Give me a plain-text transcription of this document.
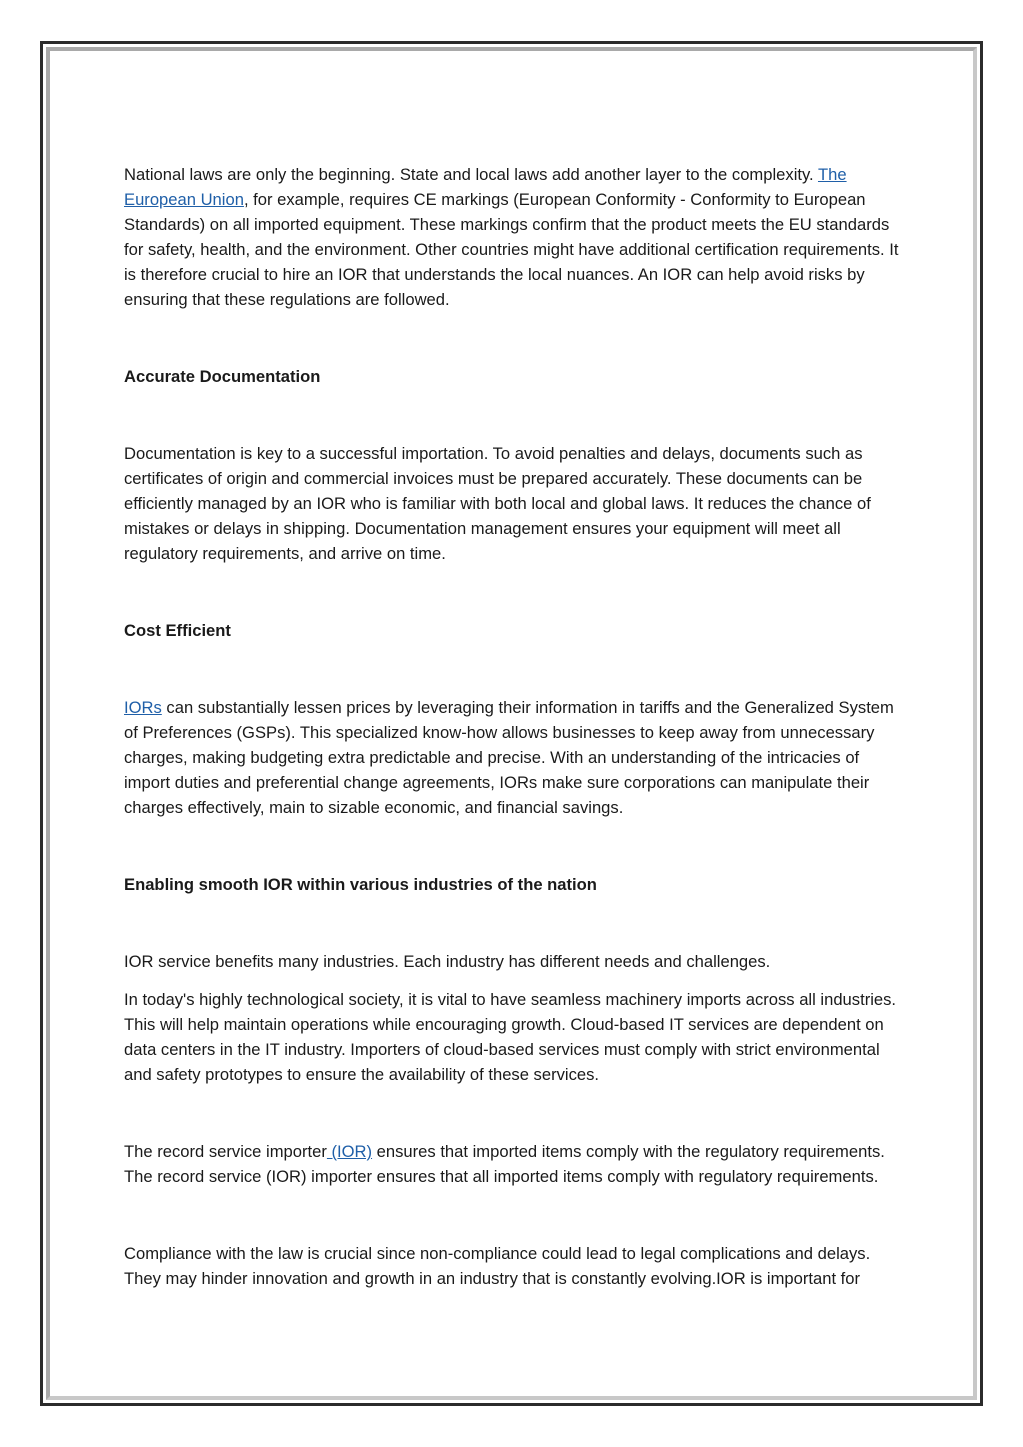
National laws are only the beginning. State and local laws add another layer to the complexity. The European Union, for example, requires CE markings (European Conformity - Conformity to European Standards) on all imported equipment. These markings confirm that the product meets the EU standards for safety, health, and the environment. Other countries might have additional certification requirements. It is therefore crucial to hire an IOR that understands the local nuances. An IOR can help avoid risks by ensuring that these regulations are followed.

Accurate Documentation

Documentation is key to a successful importation. To avoid penalties and delays, documents such as certificates of origin and commercial invoices must be prepared accurately. These documents can be efficiently managed by an IOR who is familiar with both local and global laws. It reduces the chance of mistakes or delays in shipping. Documentation management ensures your equipment will meet all regulatory requirements, and arrive on time.

Cost Efficient

IORs can substantially lessen prices by leveraging their information in tariffs and the Generalized System of Preferences (GSPs). This specialized know-how allows businesses to keep away from unnecessary charges, making budgeting extra predictable and precise. With an understanding of the intricacies of import duties and preferential change agreements, IORs make sure corporations can manipulate their charges effectively, main to sizable economic, and financial savings.

Enabling smooth IOR within various industries of the nation

IOR service benefits many industries. Each industry has different needs and challenges.

In today's highly technological society, it is vital to have seamless machinery imports across all industries. This will help maintain operations while encouraging growth. Cloud-based IT services are dependent on data centers in the IT industry. Importers of cloud-based services must comply with strict environmental and safety prototypes to ensure the availability of these services.

The record service importer (IOR) ensures that imported items comply with the regulatory requirements. The record service (IOR) importer ensures that all imported items comply with regulatory requirements.

Compliance with the law is crucial since non-compliance could lead to legal complications and delays. They may hinder innovation and growth in an industry that is constantly evolving.IOR is important for
